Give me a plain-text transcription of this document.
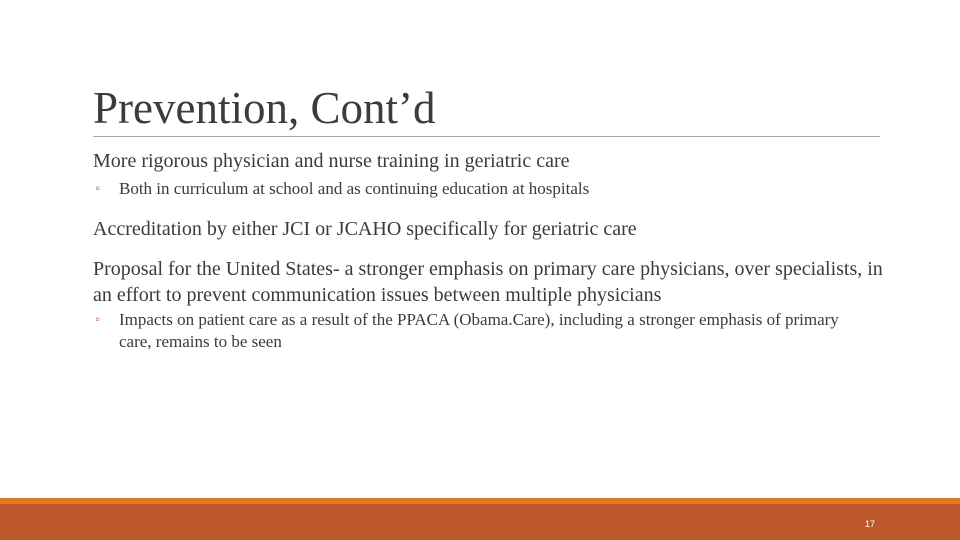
Prevention, Cont’d
More rigorous physician and nurse training in geriatric care
◦	Both in curriculum at school and as continuing education at hospitals
Accreditation by either JCI or JCAHO specifically for geriatric care
Proposal for the United States- a stronger emphasis on primary care physicians, over specialists, in an effort to prevent communication issues between multiple physicians
◦	Impacts on patient care as a result of the PPACA (Obama.Care), including a stronger emphasis of primary care, remains to be seen
17
